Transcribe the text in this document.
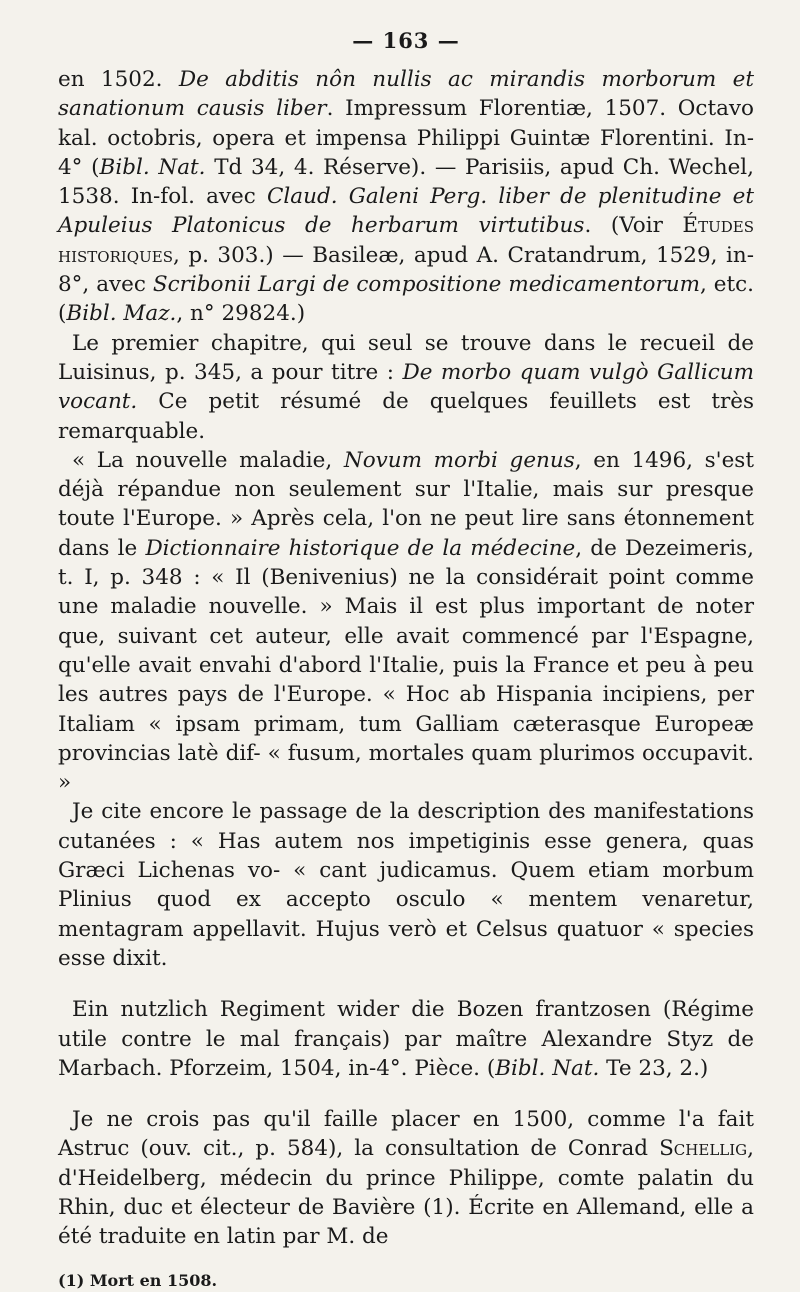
— 163 —

en 1502. De abditis nôn nullis ac mirandis morborum et sanationum causis liber. Impressum Florentiæ, 1507. Octavo kal. octobris, opera et impensa Philippi Guintæ Florentini. In-4° (Bibl. Nat. Td 34, 4. Réserve). — Parisiis, apud Ch. Wechel, 1538. In-fol. avec Claud. Galeni Perg. liber de plenitudine et Apuleius Platonicus de herbarum virtutibus. (Voir Études historiques, p. 303.) — Basileæ, apud A. Cratandrum, 1529, in-8°, avec Scribonii Largi de compositione medicamentorum, etc. (Bibl. Maz., n° 29824.)

Le premier chapitre, qui seul se trouve dans le recueil de Luisinus, p. 345, a pour titre : De morbo quam vulgò Gallicum vocant. Ce petit résumé de quelques feuillets est très remarquable.

« La nouvelle maladie, Novum morbi genus, en 1496, s'est déjà répandue non seulement sur l'Italie, mais sur presque toute l'Europe. » Après cela, l'on ne peut lire sans étonnement dans le Dictionnaire historique de la médecine, de Dezeimeris, t. I, p. 348 : « Il (Benivenius) ne la considérait point comme une maladie nouvelle. » Mais il est plus important de noter que, suivant cet auteur, elle avait commencé par l'Espagne, qu'elle avait envahi d'abord l'Italie, puis la France et peu à peu les autres pays de l'Europe. « Hoc ab Hispania incipiens, per Italiam « ipsam primam, tum Galliam cæterasque Europeæ provincias latè dif- « fusum, mortales quam plurimos occupavit. »

Je cite encore le passage de la description des manifestations cutanées : « Has autem nos impetiginis esse genera, quas Græci Lichenas vo- « cant judicamus. Quem etiam morbum Plinius quod ex accepto osculo « mentem venaretur, mentagram appellavit. Hujus verò et Celsus quatuor « species esse dixit.

Ein nutzlich Regiment wider die Bozen frantzosen (Régime utile contre le mal français) par maître Alexandre Styz de Marbach. Pforzeim, 1504, in-4°. Pièce. (Bibl. Nat. Te 23, 2.)

Je ne crois pas qu'il faille placer en 1500, comme l'a fait Astruc (ouv. cit., p. 584), la consultation de Conrad Schellig, d'Heidelberg, médecin du prince Philippe, comte palatin du Rhin, duc et électeur de Bavière (1). Écrite en Allemand, elle a été traduite en latin par M. de

(1) Mort en 1508.
